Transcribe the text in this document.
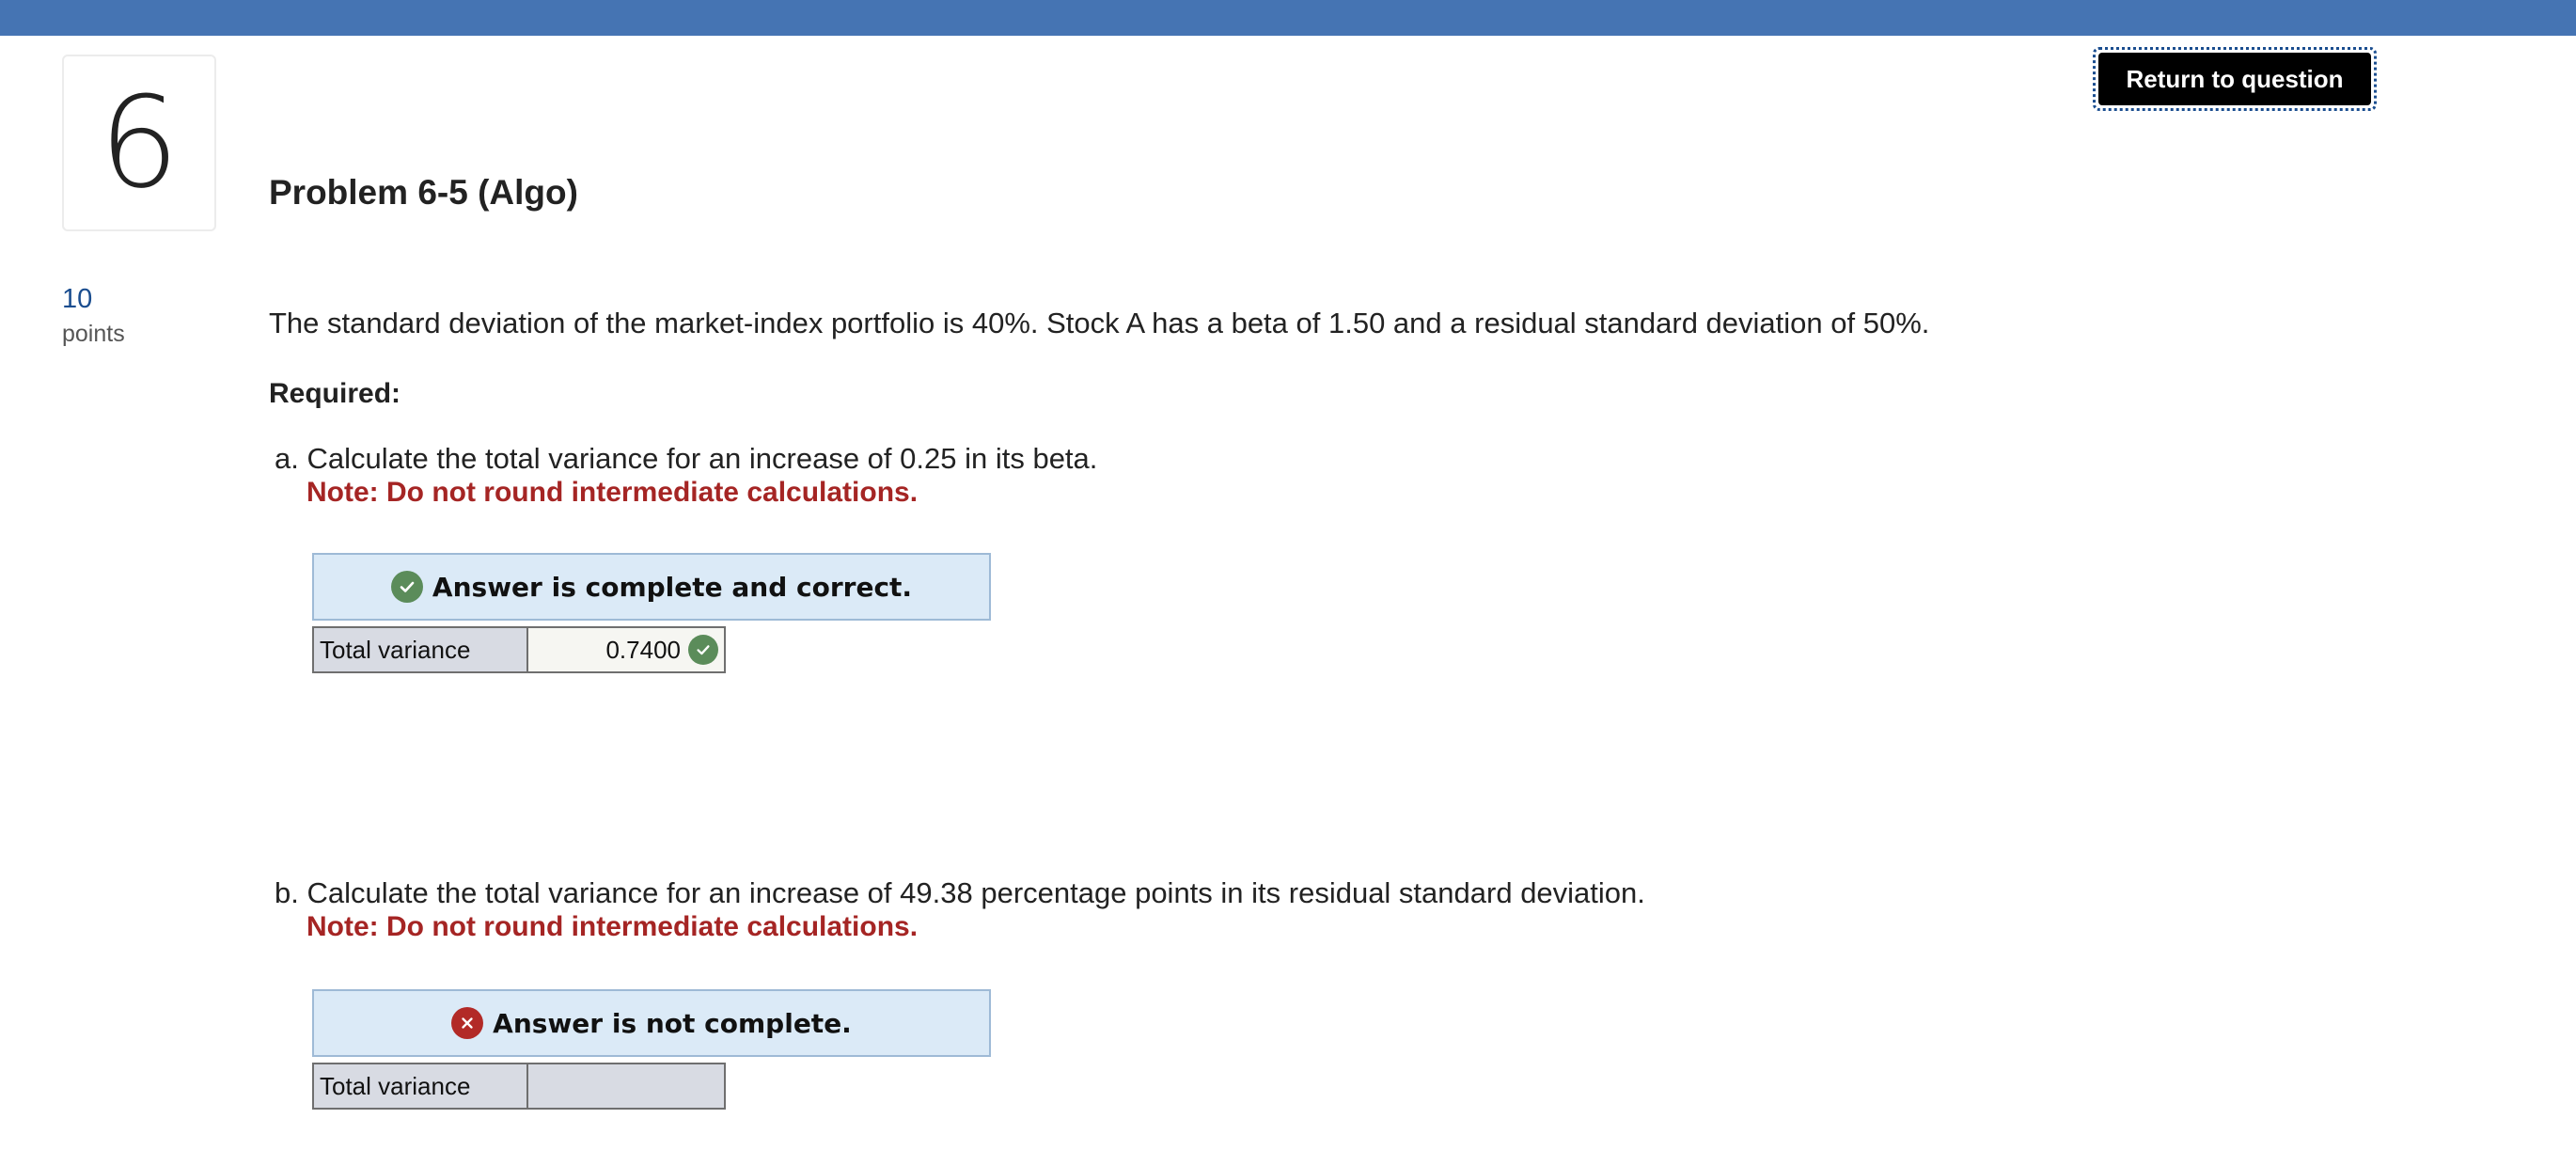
6
10
points
Return to question
Problem 6-5 (Algo)
The standard deviation of the market-index portfolio is 40%. Stock A has a beta of 1.50 and a residual standard deviation of 50%.
Required:
a. Calculate the total variance for an increase of 0.25 in its beta.
Note: Do not round intermediate calculations.
Answer is complete and correct.
Total variance	0.7400
b. Calculate the total variance for an increase of 49.38 percentage points in its residual standard deviation.
Note: Do not round intermediate calculations.
Answer is not complete.
Total variance
